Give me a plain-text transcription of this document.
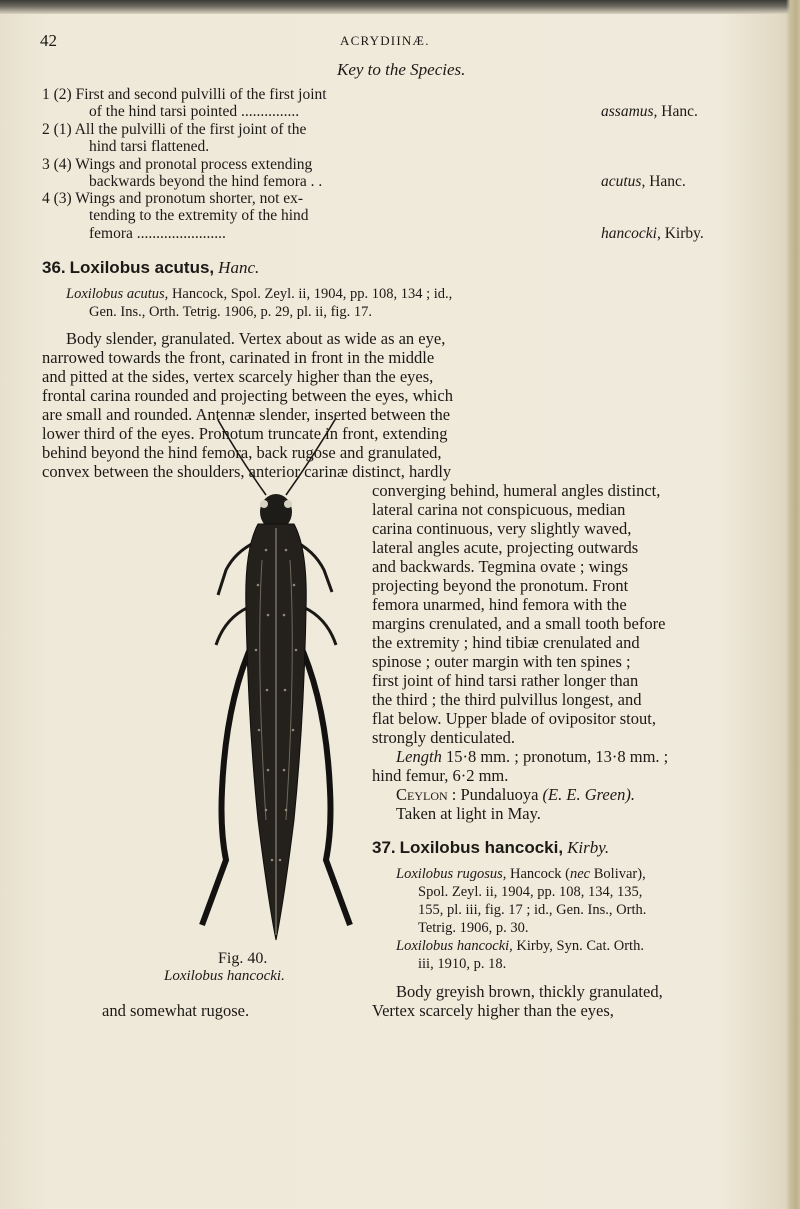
42	ACRYDIINÆ.
Key to the Species.
1 (2) First and second pulvilli of the first joint
of the hind tarsi pointed ...............	assamus, Hanc.
2 (1) All the pulvilli of the first joint of the
hind tarsi flattened.
3 (4) Wings and pronotal process extending
backwards beyond the hind femora . .	acutus, Hanc.
4 (3) Wings and pronotum shorter, not ex-
tending to the extremity of the hind
femora .......................	hancocki, Kirby.
36. Loxilobus acutus, Hanc.
Loxilobus acutus, Hancock, Spol. Zeyl. ii, 1904, pp. 108, 134 ; id.,
Gen. Ins., Orth. Tetrig. 1906, p. 29, pl. ii, fig. 17.
Body slender, granulated. Vertex about as wide as an eye,
narrowed towards the front, carinated in front in the middle
and pitted at the sides, vertex scarcely higher than the eyes,
frontal carina rounded and projecting between the eyes, which
are small and rounded. Antennæ slender, inserted between the
lower third of the eyes. Pronotum truncate in front, extending
behind beyond the hind femora, back rugose and granulated,
convex between the shoulders, anterior carinæ distinct, hardly
converging behind, humeral angles distinct,
lateral carina not conspicuous, median
carina continuous, very slightly waved,
lateral angles acute, projecting outwards
and backwards. Tegmina ovate ; wings
projecting beyond the pronotum. Front
femora unarmed, hind femora with the
margins crenulated, and a small tooth before
the extremity ; hind tibiæ crenulated and
spinose ; outer margin with ten spines ;
first joint of hind tarsi rather longer than
the third ; the third pulvillus longest, and
flat below. Upper blade of ovipositor stout,
strongly denticulated.
Length 15·8 mm. ; pronotum, 13·8 mm. ;
hind femur, 6·2 mm.
Ceylon : Pundaluoya (E. E. Green).
Taken at light in May.
37. Loxilobus hancocki, Kirby.
Loxilobus rugosus, Hancock (nec Bolivar),
Spol. Zeyl. ii, 1904, pp. 108, 134, 135,
155, pl. iii, fig. 17 ; id., Gen. Ins., Orth.
Tetrig. 1906, p. 30.
Loxilobus hancocki, Kirby, Syn. Cat. Orth.
iii, 1910, p. 18.
Fig. 40.
Loxilobus hancocki.
Body greyish brown, thickly granulated,
and somewhat rugose.	Vertex scarcely higher than the eyes,
